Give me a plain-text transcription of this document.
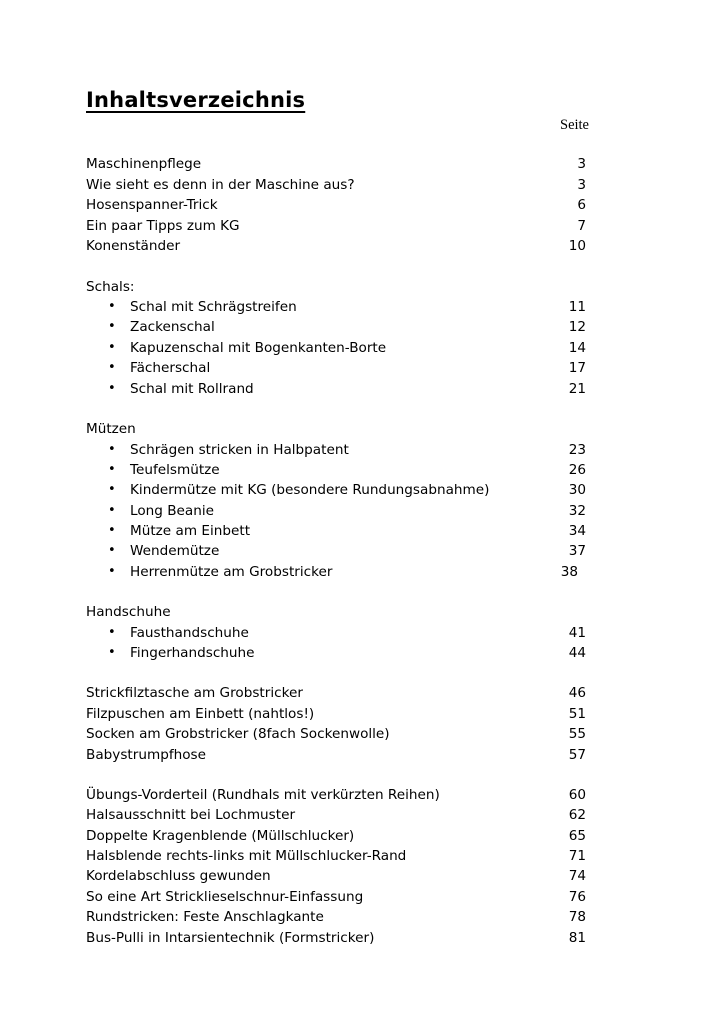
Inhaltsverzeichnis
Seite
Maschinenpflege	3
Wie sieht es denn in der Maschine aus?	3
Hosenspanner-Trick	6
Ein paar Tipps zum KG	7
Konenständer	10
Schals:
• Schal mit Schrägstreifen	11
• Zackenschal	12
• Kapuzenschal mit Bogenkanten-Borte	14
• Fächerschal	17
• Schal mit Rollrand	21
Mützen
• Schrägen stricken in Halbpatent	23
• Teufelsmütze	26
• Kindermütze mit KG (besondere Rundungsabnahme)	30
• Long Beanie	32
• Mütze am Einbett	34
• Wendemütze	37
• Herrenmütze am Grobstricker	38
Handschuhe
• Fausthandschuhe	41
• Fingerhandschuhe	44
Strickfilztasche am Grobstricker	46
Filzpuschen am Einbett (nahtlos!)	51
Socken am Grobstricker (8fach Sockenwolle)	55
Babystrumpfhose	57
Übungs-Vorderteil (Rundhals mit verkürzten Reihen)	60
Halsausschnitt bei Lochmuster	62
Doppelte Kragenblende (Müllschlucker)	65
Halsblende rechts-links mit Müllschlucker-Rand	71
Kordelabschluss gewunden	74
So eine Art Stricklieselschnur-Einfassung	76
Rundstricken: Feste Anschlagkante	78
Bus-Pulli in Intarsientechnik (Formstricker)	81
